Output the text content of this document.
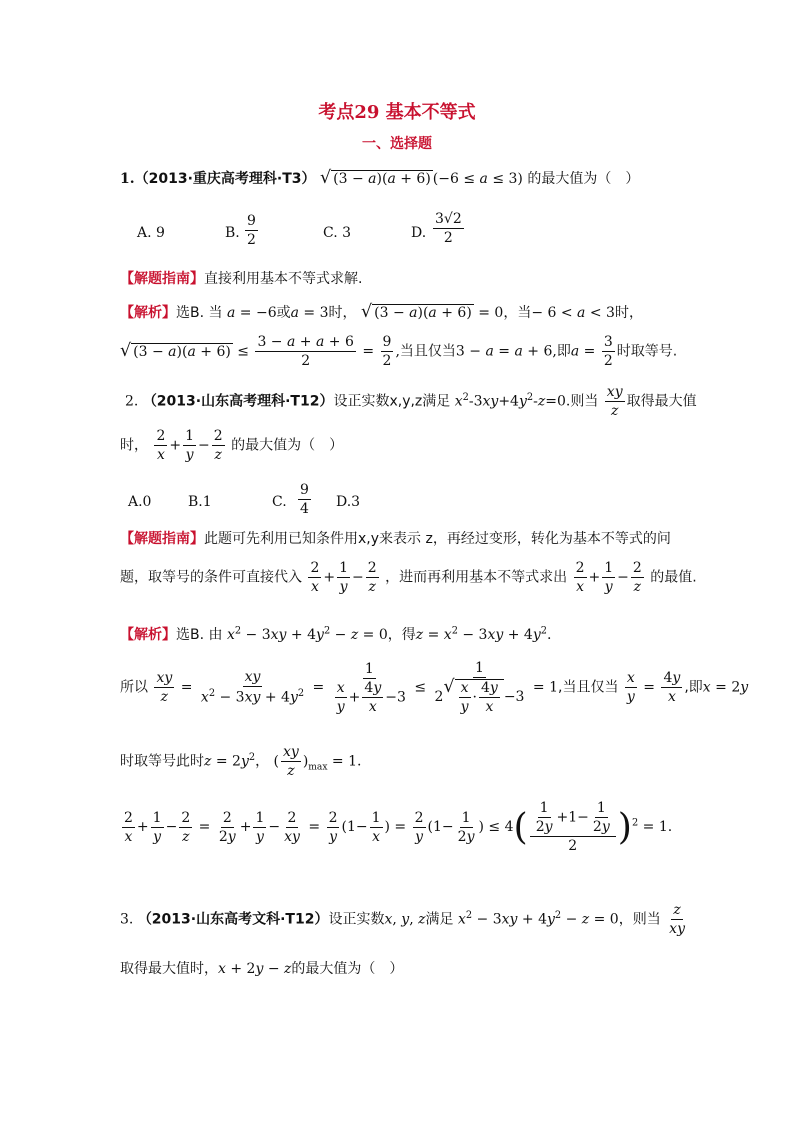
考点29 基本不等式
一、选择题
1.（2013·重庆高考理科·T3） √ (3 − a)(a + 6) (−6 ≤ a ≤ 3) 的最大值为（　）
A. 9	B. $\frac{9}{2}$	C. 3	D. $\frac{3√2}{2}$
【解题指南】直接利用基本不等式求解.
【解析】选B. 当 a = −6或a = 3时， √ (3 − a)(a + 6) = 0，当− 6 < a < 3时，
√ $(3 - a)(a + 6) \le \frac{3 - a + a + 6}{2} = \frac{9}{2}$ ,当且仅当3 − a = a + 6,即$a = \frac{3}{2}$ 时取等号.
2. （2013·山东高考理科·T12）设正实数x,y,z满足 $x^2-3xy+4y^2-z=0$.则当 $\frac{xy}{z}$ 取得最大值
时， $\frac{2}{x} + \frac{1}{y} - \frac{2}{z}$ 的最大值为（　）
A.0	B.1	C. $\frac{9}{4} D.3$
【解题指南】此题可先利用已知条件用x,y来表示 z，再经过变形，转化为基本不等式的问
题，取等号的条件可直接代入 $\frac{2}{x} + \frac{1}{y} - \frac{2}{z}$ ，进而再利用基本不等式求出 $\frac{2}{x} + \frac{1}{y} - \frac{2}{z}$ 的最值.
【解析】选B. 由 $x^2 - 3xy + 4y^2 - z = 0$，得$z = x^2 - 3xy + 4y^2$.
所以 $\frac{xy}{z} = \frac{xy}{x^2 - 3xy + 4y^2} = \frac{1}{\frac{x}{y} + \frac{4y}{x} -3} \le 1$
2
√ $\frac{x}{y} \cdot \frac{4y}{x} -3 = 1$,当且仅当 $\frac{x}{y} = \frac{4y}{x}$ ,即x = 2y
时取等号此时$z = 2y^2$， ( $\frac{xy}{z} )_{max} = 1$.
$\frac{2}{x} + \frac{1}{y} - \frac{2}{z} = \frac{2}{2y} + \frac{1}{y} - \frac{2}{xy} = \frac{2}{y} (1- \frac{1}{x}$ ) = $\frac{2}{y} (1- \frac{1}{2y}$ ) ≤ $4( \frac{\frac{1}{2y} +1- \frac{1}{2y}}{2} )^2 = 1$.
3. （2013·山东高考文科·T12）设正实数x, y, z满足 $x^2 - 3xy + 4y^2 - z = 0$，则当 $\frac{z}{xy}$
取得最大值时，x + 2y − z的最大值为（　）
